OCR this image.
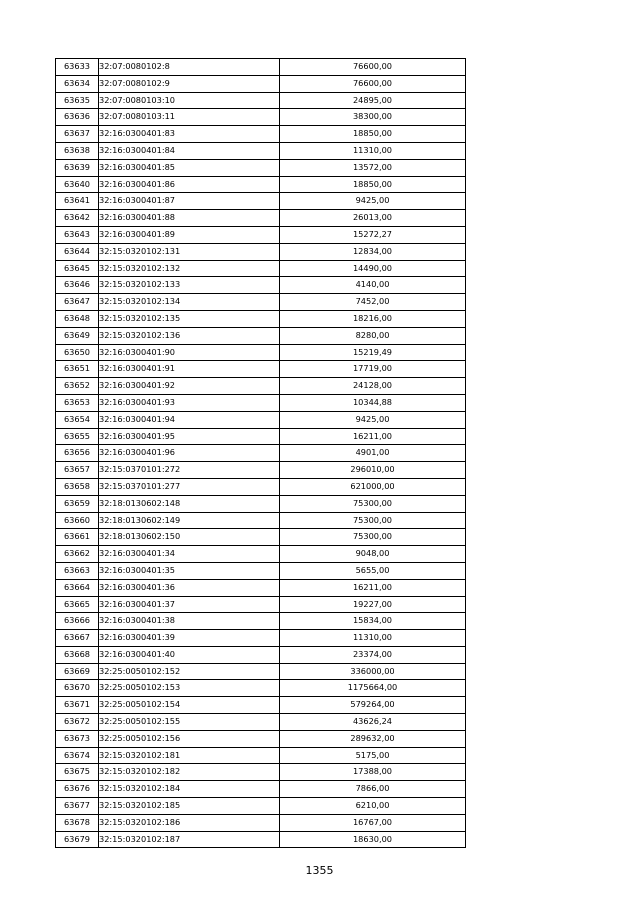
63633	32:07:0080102:8	76600,00
63634	32:07:0080102:9	76600,00
63635	32:07:0080103:10	24895,00
63636	32:07:0080103:11	38300,00
63637	32:16:0300401:83	18850,00
63638	32:16:0300401:84	11310,00
63639	32:16:0300401:85	13572,00
63640	32:16:0300401:86	18850,00
63641	32:16:0300401:87	9425,00
63642	32:16:0300401:88	26013,00
63643	32:16:0300401:89	15272,27
63644	32:15:0320102:131	12834,00
63645	32:15:0320102:132	14490,00
63646	32:15:0320102:133	4140,00
63647	32:15:0320102:134	7452,00
63648	32:15:0320102:135	18216,00
63649	32:15:0320102:136	8280,00
63650	32:16:0300401:90	15219,49
63651	32:16:0300401:91	17719,00
63652	32:16:0300401:92	24128,00
63653	32:16:0300401:93	10344,88
63654	32:16:0300401:94	9425,00
63655	32:16:0300401:95	16211,00
63656	32:16:0300401:96	4901,00
63657	32:15:0370101:272	296010,00
63658	32:15:0370101:277	621000,00
63659	32:18:0130602:148	75300,00
63660	32:18:0130602:149	75300,00
63661	32:18:0130602:150	75300,00
63662	32:16:0300401:34	9048,00
63663	32:16:0300401:35	5655,00
63664	32:16:0300401:36	16211,00
63665	32:16:0300401:37	19227,00
63666	32:16:0300401:38	15834,00
63667	32:16:0300401:39	11310,00
63668	32:16:0300401:40	23374,00
63669	32:25:0050102:152	336000,00
63670	32:25:0050102:153	1175664,00
63671	32:25:0050102:154	579264,00
63672	32:25:0050102:155	43626,24
63673	32:25:0050102:156	289632,00
63674	32:15:0320102:181	5175,00
63675	32:15:0320102:182	17388,00
63676	32:15:0320102:184	7866,00
63677	32:15:0320102:185	6210,00
63678	32:15:0320102:186	16767,00
63679	32:15:0320102:187	18630,00
1355
